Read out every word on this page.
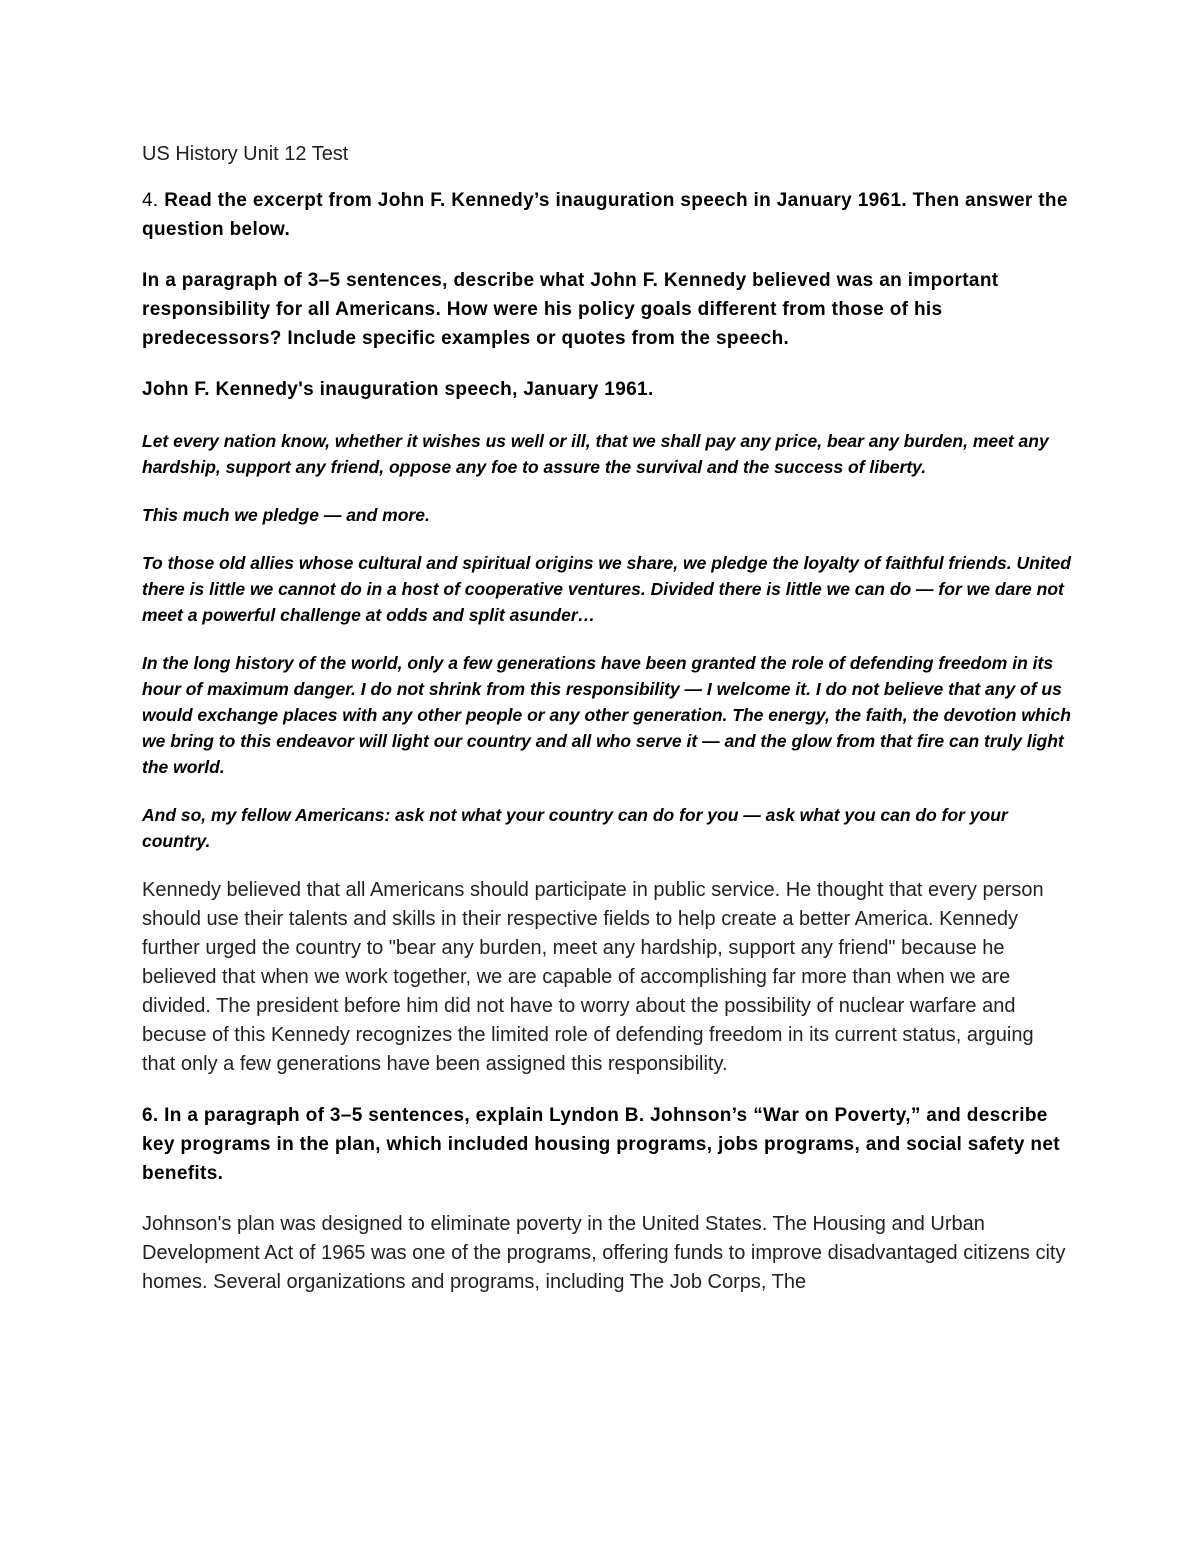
US History Unit 12 Test

4. Read the excerpt from John F. Kennedy’s inauguration speech in January 1961. Then answer the question below.

In a paragraph of 3–5 sentences, describe what John F. Kennedy believed was an important responsibility for all Americans. How were his policy goals different from those of his predecessors? Include specific examples or quotes from the speech.

John F. Kennedy's inauguration speech, January 1961.

Let every nation know, whether it wishes us well or ill, that we shall pay any price, bear any burden, meet any hardship, support any friend, oppose any foe to assure the survival and the success of liberty.

This much we pledge — and more.

To those old allies whose cultural and spiritual origins we share, we pledge the loyalty of faithful friends. United there is little we cannot do in a host of cooperative ventures. Divided there is little we can do — for we dare not meet a powerful challenge at odds and split asunder…

In the long history of the world, only a few generations have been granted the role of defending freedom in its hour of maximum danger. I do not shrink from this responsibility — I welcome it. I do not believe that any of us would exchange places with any other people or any other generation. The energy, the faith, the devotion which we bring to this endeavor will light our country and all who serve it — and the glow from that fire can truly light the world.

And so, my fellow Americans: ask not what your country can do for you — ask what you can do for your country.

Kennedy believed that all Americans should participate in public service. He thought that every person should use their talents and skills in their respective fields to help create a better America. Kennedy further urged the country to "bear any burden, meet any hardship, support any friend" because he believed that when we work together, we are capable of accomplishing far more than when we are divided. The president before him did not have to worry about the possibility of nuclear warfare and becuse of this Kennedy recognizes the limited role of defending freedom in its current status, arguing that only a few generations have been assigned this responsibility.

6. In a paragraph of 3–5 sentences, explain Lyndon B. Johnson’s “War on Poverty,” and describe key programs in the plan, which included housing programs, jobs programs, and social safety net benefits.

Johnson's plan was designed to eliminate poverty in the United States. The Housing and Urban Development Act of 1965 was one of the programs, offering funds to improve disadvantaged citizens city homes. Several organizations and programs, including The Job Corps, The
